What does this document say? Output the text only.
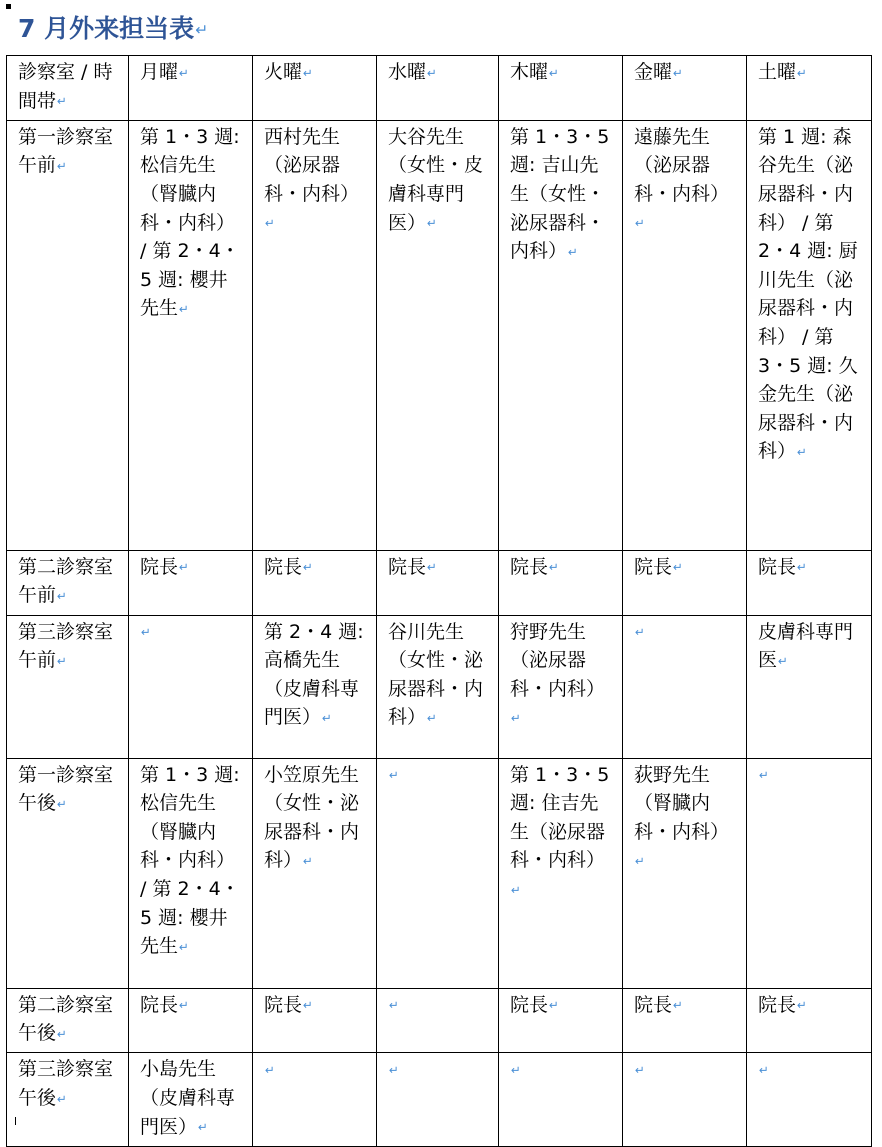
7 月外来担当表↵
診察室 / 時間帯↵	月曜↵	火曜↵	水曜↵	木曜↵	金曜↵	土曜↵
第一診察室 午前↵	第 1・3 週: 松信先生（腎臓内科・内科） / 第 2・4・5 週: 櫻井先生↵	西村先生（泌尿器科・内科）↵	大谷先生（女性・皮膚科専門医）↵	第 1・3・5 週: 吉山先生（女性・泌尿器科・内科）↵	遠藤先生（泌尿器科・内科）↵	第 1 週: 森谷先生（泌尿器科・内科） / 第 2・4 週: 厨川先生（泌尿器科・内科） / 第 3・5 週: 久金先生（泌尿器科・内科）↵
第二診察室 午前↵	院長↵	院長↵	院長↵	院長↵	院長↵	院長↵
第三診察室 午前↵	↵	第 2・4 週: 高橋先生（皮膚科専門医）↵	谷川先生（女性・泌尿器科・内科）↵	狩野先生（泌尿器科・内科）↵	↵	皮膚科専門医↵
第一診察室 午後↵	第 1・3 週: 松信先生（腎臓内科・内科） / 第 2・4・5 週: 櫻井先生↵	小笠原先生（女性・泌尿器科・内科）↵	↵	第 1・3・5 週: 住吉先生（泌尿器科・内科）↵	荻野先生（腎臓内科・内科）↵	↵
第二診察室 午後↵	院長↵	院長↵	↵	院長↵	院長↵	院長↵
第三診察室 午後↵	小島先生（皮膚科専門医）↵	↵	↵	↵	↵	↵
